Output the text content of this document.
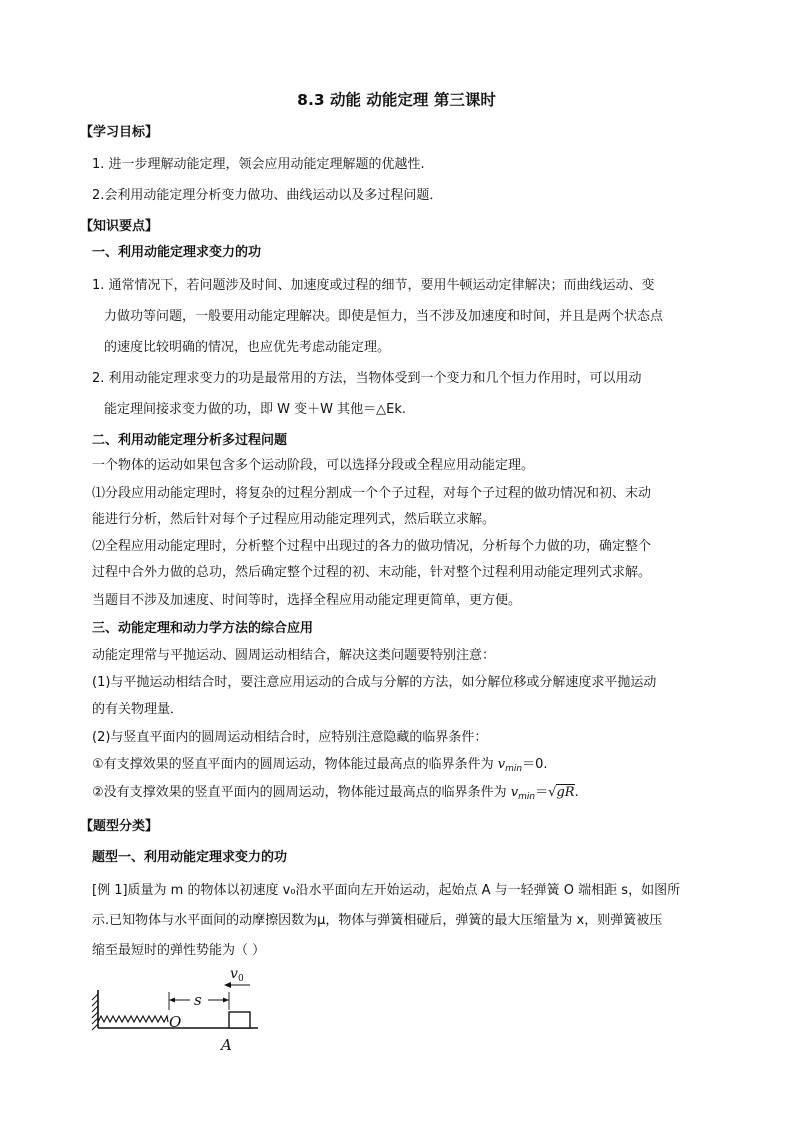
8.3 动能 动能定理 第三课时
【学习目标】
1. 进一步理解动能定理，领会应用动能定理解题的优越性.
2.会利用动能定理分析变力做功、曲线运动以及多过程问题．
【知识要点】
一、利用动能定理求变力的功
1. 通常情况下，若问题涉及时间、加速度或过程的细节，要用牛顿运动定律解决；而曲线运动、变
力做功等问题，一般要用动能定理解决。即使是恒力，当不涉及加速度和时间，并且是两个状态点
的速度比较明确的情况，也应优先考虑动能定理。
2. 利用动能定理求变力的功是最常用的方法，当物体受到一个变力和几个恒力作用时，可以用动
能定理间接求变力做的功，即 W 变＋W 其他＝△Ek.
二、利用动能定理分析多过程问题
一个物体的运动如果包含多个运动阶段，可以选择分段或全程应用动能定理。
⑴分段应用动能定理时，将复杂的过程分割成一个个子过程，对每个子过程的做功情况和初、末动
能进行分析，然后针对每个子过程应用动能定理列式，然后联立求解。
⑵全程应用动能定理时，分析整个过程中出现过的各力的做功情况，分析每个力做的功，确定整个
过程中合外力做的总功，然后确定整个过程的初、末动能，针对整个过程利用动能定理列式求解。
当题目不涉及加速度、时间等时，选择全程应用动能定理更简单，更方便。
三、动能定理和动力学方法的综合应用
动能定理常与平抛运动、圆周运动相结合，解决这类问题要特别注意：
(1)与平抛运动相结合时，要注意应用运动的合成与分解的方法，如分解位移或分解速度求平抛运动
的有关物理量．
(2)与竖直平面内的圆周运动相结合时，应特别注意隐藏的临界条件：
①有支撑效果的竖直平面内的圆周运动，物体能过最高点的临界条件为 $v_{min}=0$.
②没有支撑效果的竖直平面内的圆周运动，物体能过最高点的临界条件为 $v_{min}=√gR$.
【题型分类】
题型一、利用动能定理求变力的功
[例 1]质量为 m 的物体以初速度 v₀沿水平面向左开始运动，起始点 A 与一轻弹簧 O 端相距 s，如图所
示.已知物体与水平面间的动摩擦因数为μ，物体与弹簧相碰后，弹簧的最大压缩量为 x，则弹簧被压
缩至最短时的弹性势能为（ ）
O
A
s
v 0
